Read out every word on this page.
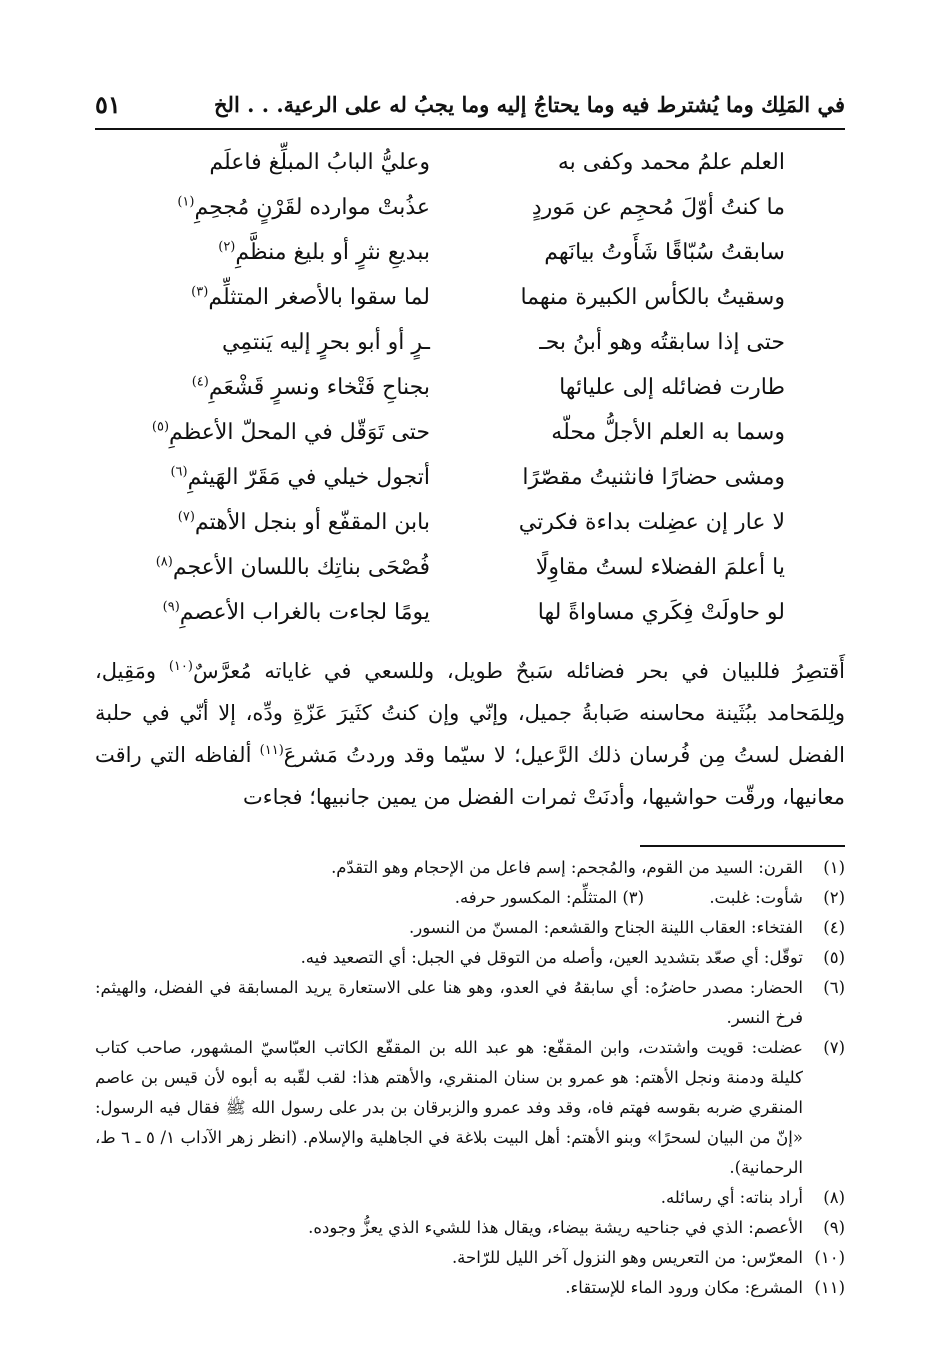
في المَلِك وما يُشترط فيه وما يحتاجُ إليه وما يجبُ له على الرعية. . . الخ
٥١
العلم علمُ محمد وكفى به
وعليُّ البابُ المبلِّغ فاعلَم
ما كنتُ أوّلَ مُحجِم عن مَوردٍ
عذُبتْ موارده لقَرْنٍ مُجحِمِ$^{(١)}$
سابقتُ سُبّاقًا شَأَوتُ بيانَهم
ببديعِ نثرٍ أو بليغ منظَّمِ$^{(٢)}$
وسقيتُ بالكأس الكبيرة منهما
لما سقوا بالأصغر المتثلِّم$^{(٣)}$
حتى إذا سابقتُه وهو أبنُ بحـ
ـرٍ أو أبو بحرٍ إليه يَنتمِي
طارت فضائله إلى عليائها
بجناحِ فَتْخاء ونسرٍ قَشْعَمِ$^{(٤)}$
وسما به العلم الأجلُّ محلّه
حتى تَوَقّل في المحلّ الأعظمِ$^{(٥)}$
ومشى حضارًا فانثنيتُ مقصّرًا
أتجول خيلي في مَقَرّ الهَيثمِ$^{(٦)}$
لا عار إن عضِلت بداءة فكرتي
بابن المقفّع أو بنجل الأهتم$^{(٧)}$
يا أعلمَ الفضلاء لستُ مقاوِلًا
فُصْحَى بناتِك باللسان الأعجم$^{(٨)}$
لو حاولَتْ فِكَري مساواةً لها
يومًا لجاءت بالغراب الأعصمِ$^{(٩)}$

أَقتصِرُ فللبيان في بحر فضائله سَبحٌ طويل، وللسعي في غاياته مُعرَّسٌ$^{(١٠)}$ ومَقِيل، ولِلمَحامد ببُثَينة محاسنه صَبابةُ جميل، وإنّي وإن كنتُ كثَيرَ عَزّةِ ودِّه، إلا أنّي في حلبة الفضل لستُ مِن فُرسان ذلك الرَّعيل؛ لا سيّما وقد وردتُ مَشرعَ$^{(١١)}$ ألفاظه التي راقت معانيها، ورقّت حواشيها، وأدنَتْ ثمرات الفضل من يمين جانبيها؛ فجاءت

(١)
القرن: السيد من القوم، والمُجحم: إسم فاعل من الإحجام وهو التقدّم.
(٢)
شأوت: غلبت. (٣) المتثلِّم: المكسور حرفه.
(٤)
الفتخاء: العقاب اللينة الجناح والقشعم: المسنّ من النسور.
(٥)
توقّل: أي صعّد بتشديد العين، وأصله من التوقل في الجبل: أي التصعيد فيه.
(٦)
الحضار: مصدر حاضرُه: أي سابقهُ في العدو، وهو هنا على الاستعارة يريد المسابقة في الفضل، والهيثم: فرخ النسر.
(٧)
عضلت: قويت واشتدت، وابن المقفّع: هو عبد الله بن المقفّع الكاتب العبّاسيّ المشهور، صاحب كتاب كليلة ودمنة ونجل الأهتم: هو عمرو بن سنان المنقري، والأهتم هذا: لقب لقّبه به أبوه لأن قيس بن عاصم المنقري ضربه بقوسه فهتم فاه، وقد وفد عمرو والزبرقان بن بدر على رسول الله ﷺ فقال فيه الرسول: «إنّ من البيان لسحرًا» وبنو الأهتم: أهل البيت بلاغة في الجاهلية والإسلام. (انظر زهر الآداب ١/ ٥ ـ ٦ ط، الرحمانية).
(٨)
أراد بناته: أي رسائله.
(٩)
الأعصم: الذي في جناحيه ريشة بيضاء، ويقال هذا للشيء الذي يعزُّ وجوده.
(١٠)
المعرّس: من التعريس وهو النزول آخر الليل للرّاحة.
(١١)
المشرع: مكان ورود الماء للإستقاء.
